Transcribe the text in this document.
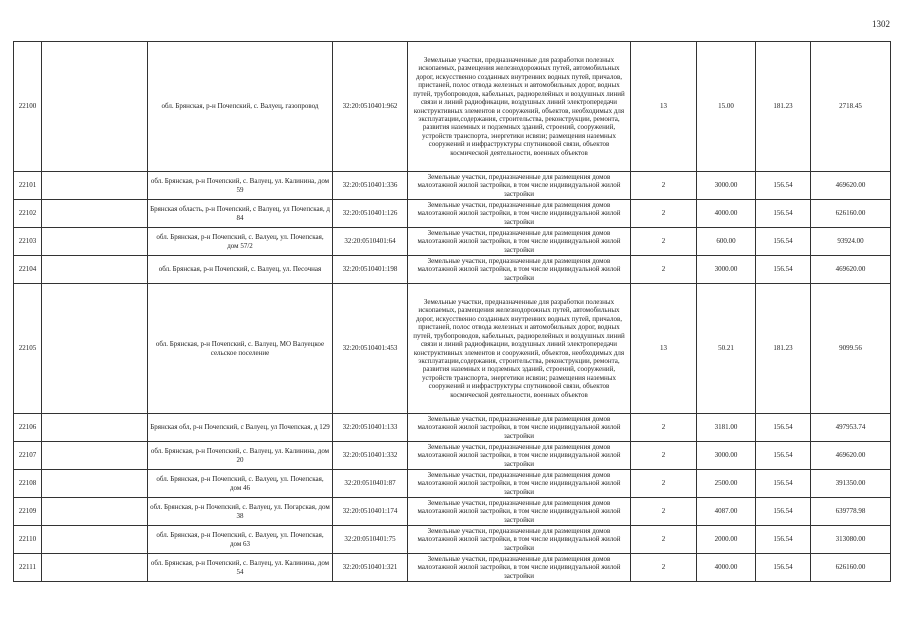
1302
22100		обл. Брянская, р-н Почепский, с. Валуец, газопровод	32:20:0510401:962	Земельные участки, предназначенные для разработки полезных ископаемых, размещения железнодорожных путей, автомобильных дорог, искусственно созданных внутренних водных путей, причалов, пристаней, полос отвода железных и автомобильных дорог, водных путей, трубопроводов, кабельных, радиорелейных и воздушных линий связи и линий радиофикации, воздушных линий электропередачи конструктивных элементов и сооружений, объектов, необходимых для эксплуатации,содержания, строительства, реконструкции, ремонта, развития наземных и подземных зданий, строений, сооружений, устройств транспорта, энергетики исвязи; размещения наземных сооружений и инфраструктуры спутниковой связи, объектов космической деятельности, военных объектов	13	15.00	181.23	2718.45
22101		обл. Брянская, р-н Почепский, с. Валуец, ул. Калинина, дом 59	32:20:0510401:336	Земельные участки, предназначенные для размещения домов малоэтажной жилой застройки, в том числе индивидуальной жилой застройки	2	3000.00	156.54	469620.00
22102		Брянская область, р-н Почепский, с Валуец, ул Почепская, д 84	32:20:0510401:126	Земельные участки, предназначенные для размещения домов малоэтажной жилой застройки, в том числе индивидуальной жилой застройки	2	4000.00	156.54	626160.00
22103		обл. Брянская, р-н Почепский, с. Валуец, ул. Почепская, дом 57/2	32:20:0510401:64	Земельные участки, предназначенные для размещения домов малоэтажной жилой застройки, в том числе индивидуальной жилой застройки	2	600.00	156.54	93924.00
22104		обл. Брянская, р-н Почепский, с. Валуец, ул. Песочная	32:20:0510401:198	Земельные участки, предназначенные для размещения домов малоэтажной жилой застройки, в том числе индивидуальной жилой застройки	2	3000.00	156.54	469620.00
22105		обл. Брянская, р-н Почепский, с. Валуец, МО Валуецкое сельское поселение	32:20:0510401:453	Земельные участки, предназначенные для разработки полезных ископаемых, размещения железнодорожных путей, автомобильных дорог, искусственно созданных внутренних водных путей, причалов, пристаней, полос отвода железных и автомобильных дорог, водных путей, трубопроводов, кабельных, радиорелейных и воздушных линий связи и линий радиофикации, воздушных линий электропередачи конструктивных элементов и сооружений, объектов, необходимых для эксплуатации,содержания, строительства, реконструкции, ремонта, развития наземных и подземных зданий, строений, сооружений, устройств транспорта, энергетики исвязи; размещения наземных сооружений и инфраструктуры спутниковой связи, объектов космической деятельности, военных объектов	13	50.21	181.23	9099.56
22106		Брянская обл, р-н Почепский, с Валуец, ул Почепская, д 129	32:20:0510401:133	Земельные участки, предназначенные для размещения домов малоэтажной жилой застройки, в том числе индивидуальной жилой застройки	2	3181.00	156.54	497953.74
22107		обл. Брянская, р-н Почепский, с. Валуец, ул. Калинина, дом 20	32:20:0510401:332	Земельные участки, предназначенные для размещения домов малоэтажной жилой застройки, в том числе индивидуальной жилой застройки	2	3000.00	156.54	469620.00
22108		обл. Брянская, р-н Почепский, с. Валуец, ул. Почепская, дом 46	32:20:0510401:87	Земельные участки, предназначенные для размещения домов малоэтажной жилой застройки, в том числе индивидуальной жилой застройки	2	2500.00	156.54	391350.00
22109		обл. Брянская, р-н Почепский, с. Валуец, ул. Погарская, дом 38	32:20:0510401:174	Земельные участки, предназначенные для размещения домов малоэтажной жилой застройки, в том числе индивидуальной жилой застройки	2	4087.00	156.54	639778.98
22110		обл. Брянская, р-н Почепский, с. Валуец, ул. Почепская, дом 63	32:20:0510401:75	Земельные участки, предназначенные для размещения домов малоэтажной жилой застройки, в том числе индивидуальной жилой застройки	2	2000.00	156.54	313080.00
22111		обл. Брянская, р-н Почепский, с. Валуец, ул. Калинина, дом 54	32:20:0510401:321	Земельные участки, предназначенные для размещения домов малоэтажной жилой застройки, в том числе индивидуальной жилой застройки	2	4000.00	156.54	626160.00
